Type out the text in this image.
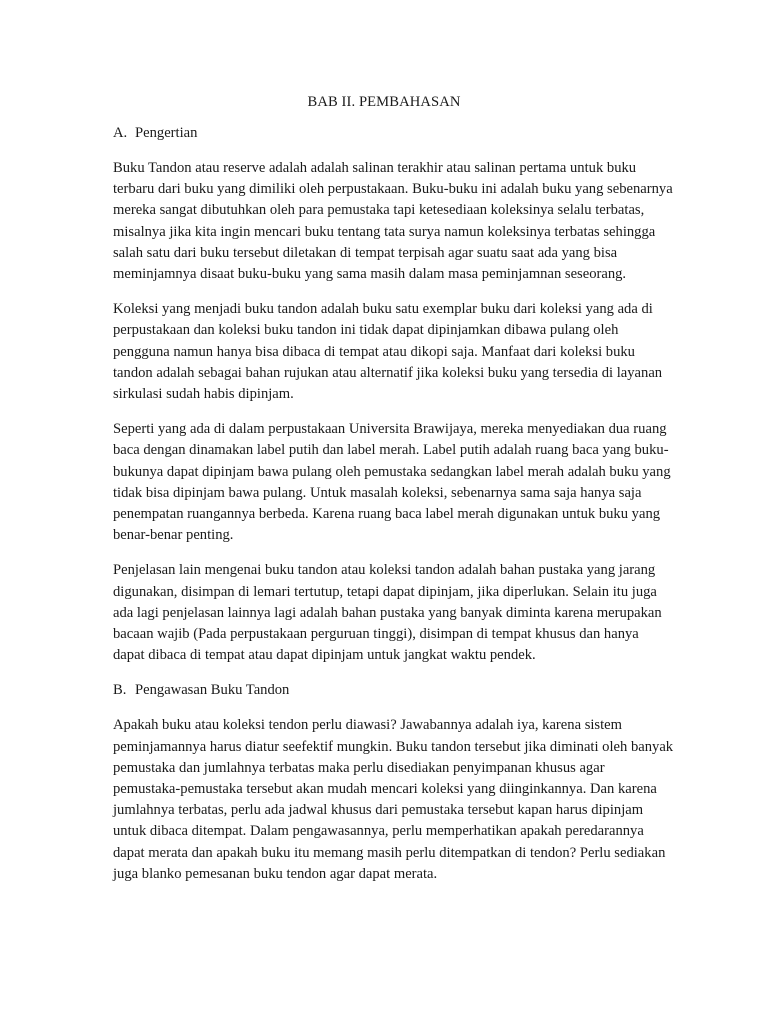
BAB II. PEMBAHASAN
A. Pengertian

Buku Tandon atau reserve adalah adalah salinan terakhir atau salinan pertama untuk buku terbaru dari buku yang dimiliki oleh perpustakaan. Buku-buku ini adalah buku yang sebenarnya mereka sangat dibutuhkan oleh para pemustaka tapi ketesediaan koleksinya selalu terbatas, misalnya jika kita ingin mencari buku tentang tata surya namun koleksinya terbatas sehingga salah satu dari buku tersebut diletakan di tempat terpisah agar suatu saat ada yang bisa meminjamnya disaat buku-buku yang sama masih dalam masa peminjamnan seseorang.

Koleksi yang menjadi buku tandon adalah buku satu exemplar buku dari koleksi yang ada di perpustakaan dan koleksi buku tandon ini tidak dapat dipinjamkan dibawa pulang oleh pengguna namun hanya bisa dibaca di tempat atau dikopi saja. Manfaat dari koleksi buku tandon adalah sebagai bahan rujukan atau alternatif jika koleksi buku yang tersedia di layanan sirkulasi sudah habis dipinjam.

Seperti yang ada di dalam perpustakaan Universita Brawijaya, mereka menyediakan dua ruang baca dengan dinamakan label putih dan label merah. Label putih adalah ruang baca yang buku-bukunya dapat dipinjam bawa pulang oleh pemustaka sedangkan label merah adalah buku yang tidak bisa dipinjam bawa pulang. Untuk masalah koleksi, sebenarnya sama saja hanya saja penempatan ruangannya berbeda. Karena ruang baca label merah digunakan untuk buku yang benar-benar penting.

Penjelasan lain mengenai buku tandon atau koleksi tandon adalah bahan pustaka yang jarang digunakan, disimpan di lemari tertutup, tetapi dapat dipinjam, jika diperlukan. Selain itu juga ada lagi penjelasan lainnya lagi adalah bahan pustaka yang banyak diminta karena merupakan bacaan wajib (Pada perpustakaan perguruan tinggi), disimpan di tempat khusus dan hanya dapat dibaca di tempat atau dapat dipinjam untuk jangkat waktu pendek.

B. Pengawasan Buku Tandon

Apakah buku atau koleksi tendon perlu diawasi? Jawabannya adalah iya, karena sistem peminjamannya harus diatur seefektif mungkin. Buku tandon tersebut jika diminati oleh banyak pemustaka dan jumlahnya terbatas maka perlu disediakan penyimpanan khusus agar pemustaka-pemustaka tersebut akan mudah mencari koleksi yang diinginkannya. Dan karena jumlahnya terbatas, perlu ada jadwal khusus dari pemustaka tersebut kapan harus dipinjam untuk dibaca ditempat. Dalam pengawasannya, perlu memperhatikan apakah peredarannya dapat merata dan apakah buku itu memang masih perlu ditempatkan di tendon? Perlu sediakan juga blanko pemesanan buku tendon agar dapat merata.
